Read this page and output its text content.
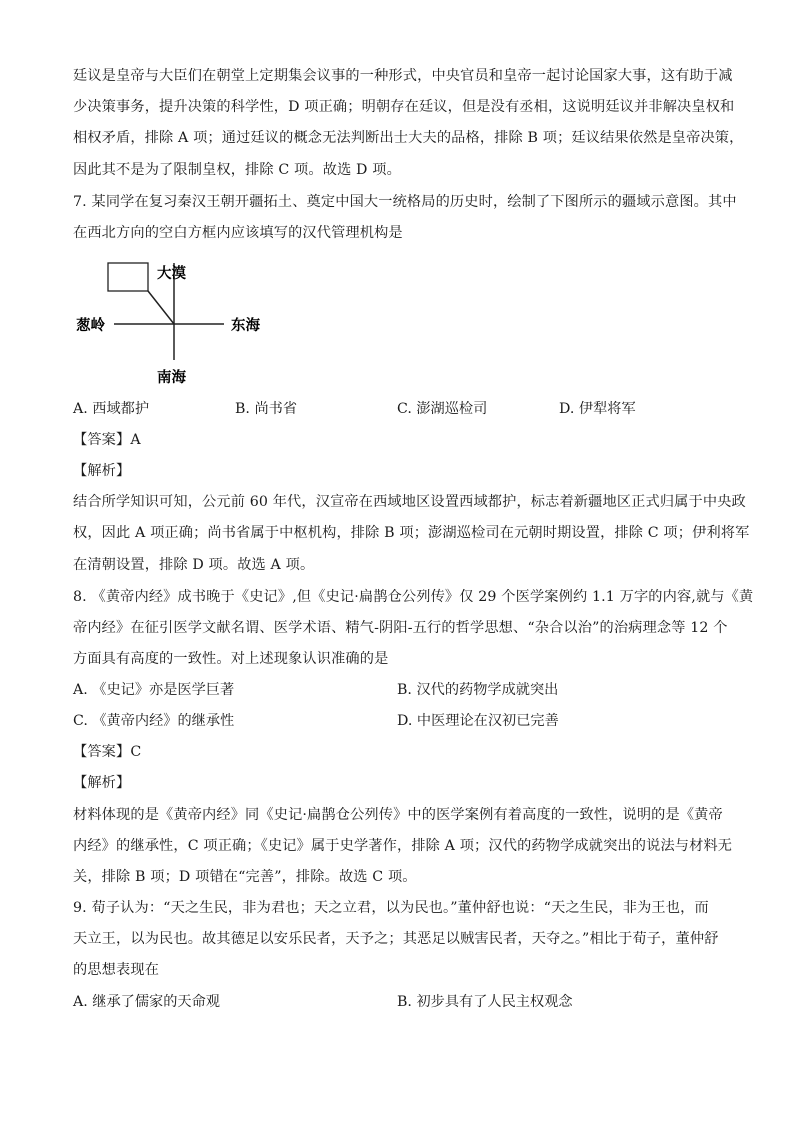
廷议是皇帝与大臣们在朝堂上定期集会议事的一种形式，中央官员和皇帝一起讨论国家大事，这有助于减
少决策事务，提升决策的科学性，D 项正确；明朝存在廷议，但是没有丞相，这说明廷议并非解决皇权和
相权矛盾，排除 A 项；通过廷议的概念无法判断出士大夫的品格，排除 B 项；廷议结果依然是皇帝决策，
因此其不是为了限制皇权，排除 C 项。故选 D 项。
7. 某同学在复习秦汉王朝开疆拓土、奠定中国大一统格局的历史时，绘制了下图所示的疆域示意图。其中
在西北方向的空白方框内应该填写的汉代管理机构是
大漠
葱岭	东海
南海
A. 西域都护	B. 尚书省	C. 澎湖巡检司	D. 伊犁将军
【答案】A
【解析】
结合所学知识可知，公元前 60 年代，汉宣帝在西域地区设置西域都护，标志着新疆地区正式归属于中央政
权，因此 A 项正确；尚书省属于中枢机构，排除 B 项；澎湖巡检司在元朝时期设置，排除 C 项；伊利将军
在清朝设置，排除 D 项。故选 A 项。
8. 《黄帝内经》成书晚于《史记》,但《史记·扁鹊仓公列传》仅 29 个医学案例约 1.1 万字的内容,就与《黄
帝内经》在征引医学文献名谓、医学术语、精气-阴阳-五行的哲学思想、“杂合以治”的治病理念等 12 个
方面具有高度的一致性。对上述现象认识准确的是
A. 《史记》亦是医学巨著	B. 汉代的药物学成就突出
C. 《黄帝内经》的继承性	D. 中医理论在汉初已完善
【答案】C
【解析】
材料体现的是《黄帝内经》同《史记·扁鹊仓公列传》中的医学案例有着高度的一致性，说明的是《黄帝
内经》的继承性，C 项正确；《史记》属于史学著作，排除 A 项；汉代的药物学成就突出的说法与材料无
关，排除 B 项；D 项错在“完善”，排除。故选 C 项。
9. 荀子认为：“天之生民，非为君也；天之立君，以为民也。”董仲舒也说：“天之生民，非为王也，而
天立王，以为民也。故其德足以安乐民者，天予之；其恶足以贼害民者，天夺之。”相比于荀子，董仲舒
的思想表现在
A. 继承了儒家的天命观	B. 初步具有了人民主权观念
